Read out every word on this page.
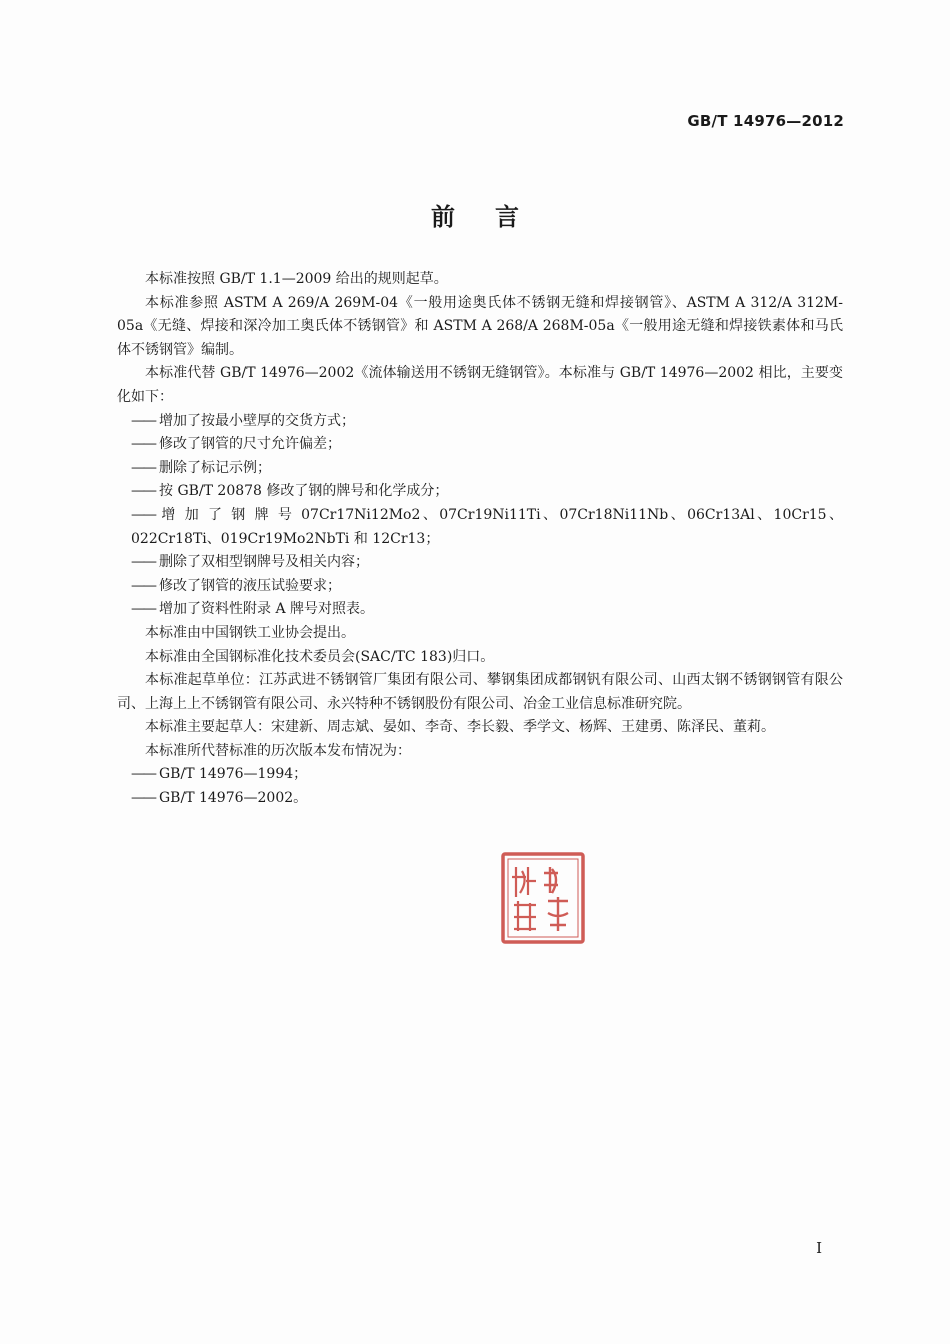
GB/T 14976—2012
前言

本标准按照 GB/T 1.1—2009 给出的规则起草。

本标准参照 ASTM A 269/A 269M-04《一般用途奥氏体不锈钢无缝和焊接钢管》、ASTM A 312/A 312M-05a《无缝、焊接和深冷加工奥氏体不锈钢管》和 ASTM A 268/A 268M-05a《一般用途无缝和焊接铁素体和马氏体不锈钢管》编制。

本标准代替 GB/T 14976—2002《流体输送用不锈钢无缝钢管》。本标准与 GB/T 14976—2002 相比，主要变化如下：

—— 增加了按最小壁厚的交货方式；

—— 修改了钢管的尺寸允许偏差；

—— 删除了标记示例；

—— 按 GB/T 20878 修改了钢的牌号和化学成分；

—— 增 加 了 钢 牌 号 07Cr17Ni12Mo2、07Cr19Ni11Ti、07Cr18Ni11Nb、06Cr13Al、10Cr15、022Cr18Ti、019Cr19Mo2NbTi 和 12Cr13；

—— 删除了双相型钢牌号及相关内容；

—— 修改了钢管的液压试验要求；

—— 增加了资料性附录 A 牌号对照表。

本标准由中国钢铁工业协会提出。

本标准由全国钢标准化技术委员会(SAC/TC 183)归口。

本标准起草单位：江苏武进不锈钢管厂集团有限公司、攀钢集团成都钢钒有限公司、山西太钢不锈钢钢管有限公司、上海上上不锈钢管有限公司、永兴特种不锈钢股份有限公司、冶金工业信息标准研究院。

本标准主要起草人：宋建新、周志斌、晏如、李奇、李长毅、季学文、杨辉、王建勇、陈泽民、董莉。

本标准所代替标准的历次版本发布情况为：

—— GB/T 14976—1994；

—— GB/T 14976—2002。

I
